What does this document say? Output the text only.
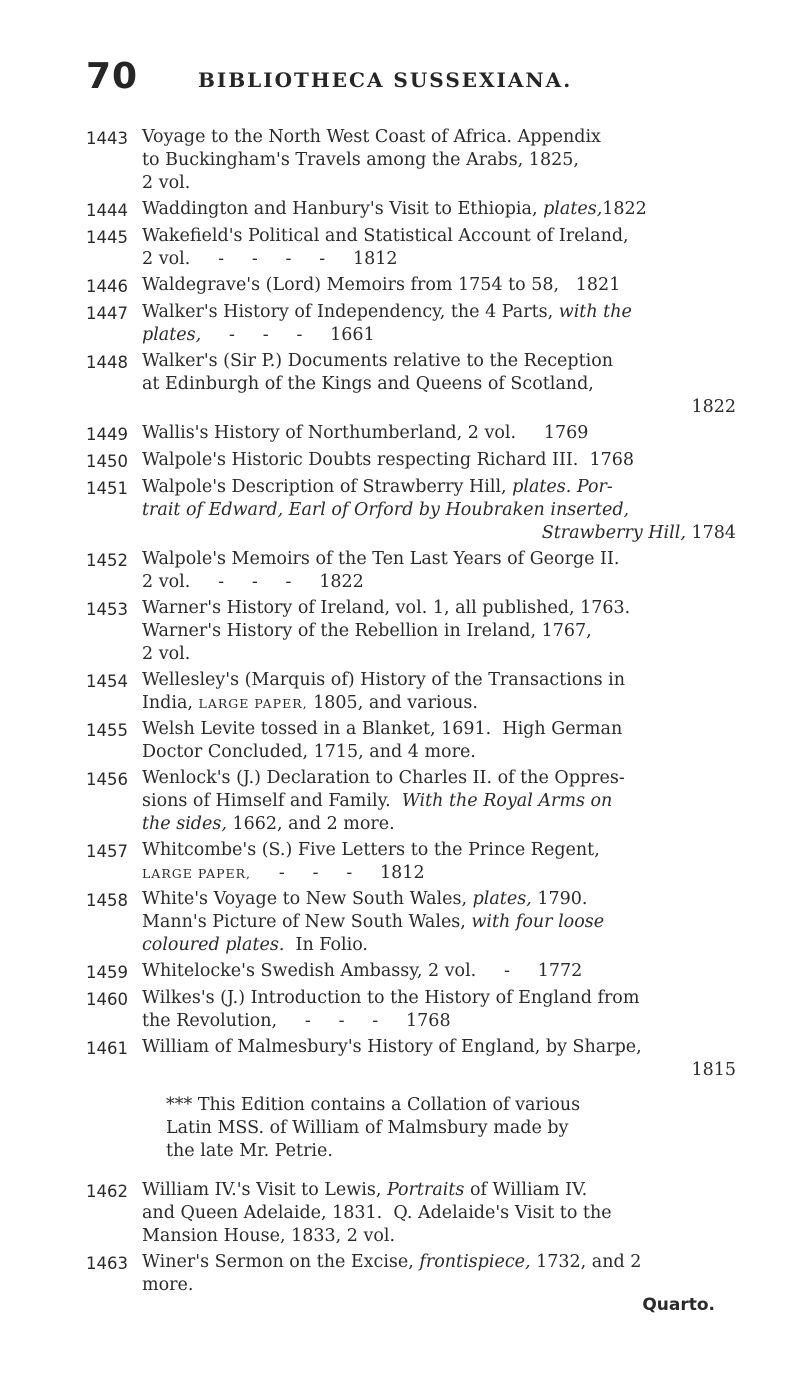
70	BIBLIOTHECA SUSSEXIANA.
1443 Voyage to the North West Coast of Africa. Appendix
to Buckingham's Travels among the Arabs, 1825,
2 vol.
1444 Waddington and Hanbury's Visit to Ethiopia, plates,1822
1445 Wakefield's Political and Statistical Account of Ireland,
2 vol.     -     -     -     -     1812
1446 Waldegrave's (Lord) Memoirs from 1754 to 58,   1821
1447 Walker's History of Independency, the 4 Parts, with the
plates,     -     -     -     1661
1448 Walker's (Sir P.) Documents relative to the Reception
at Edinburgh of the Kings and Queens of Scotland,
1822
1449 Wallis's History of Northumberland, 2 vol.     1769
1450 Walpole's Historic Doubts respecting Richard III.  1768
1451 Walpole's Description of Strawberry Hill, plates. Por-
trait of Edward, Earl of Orford by Houbraken inserted,
Strawberry Hill, 1784
1452 Walpole's Memoirs of the Ten Last Years of George II.
2 vol.     -     -     -     1822
1453 Warner's History of Ireland, vol. 1, all published, 1763.
Warner's History of the Rebellion in Ireland, 1767,
2 vol.
1454 Wellesley's (Marquis of) History of the Transactions in
India, LARGE PAPER, 1805, and various.
1455 Welsh Levite tossed in a Blanket, 1691.  High German
Doctor Concluded, 1715, and 4 more.
1456 Wenlock's (J.) Declaration to Charles II. of the Oppres-
sions of Himself and Family.  With the Royal Arms on
the sides, 1662, and 2 more.
1457 Whitcombe's (S.) Five Letters to the Prince Regent,
LARGE PAPER,     -     -     -     1812
1458 White's Voyage to New South Wales, plates, 1790.
Mann's Picture of New South Wales, with four loose
coloured plates.  In Folio.
1459 Whitelocke's Swedish Ambassy, 2 vol.     -     1772
1460 Wilkes's (J.) Introduction to the History of England from
the Revolution,     -     -     -     1768
1461 William of Malmesbury's History of England, by Sharpe,
1815
*** This Edition contains a Collation of various
Latin MSS. of William of Malmsbury made by
the late Mr. Petrie.
1462 William IV.'s Visit to Lewis, Portraits of William IV.
and Queen Adelaide, 1831.  Q. Adelaide's Visit to the
Mansion House, 1833, 2 vol.
1463 Winer's Sermon on the Excise, frontispiece, 1732, and 2
more.
Quarto.
